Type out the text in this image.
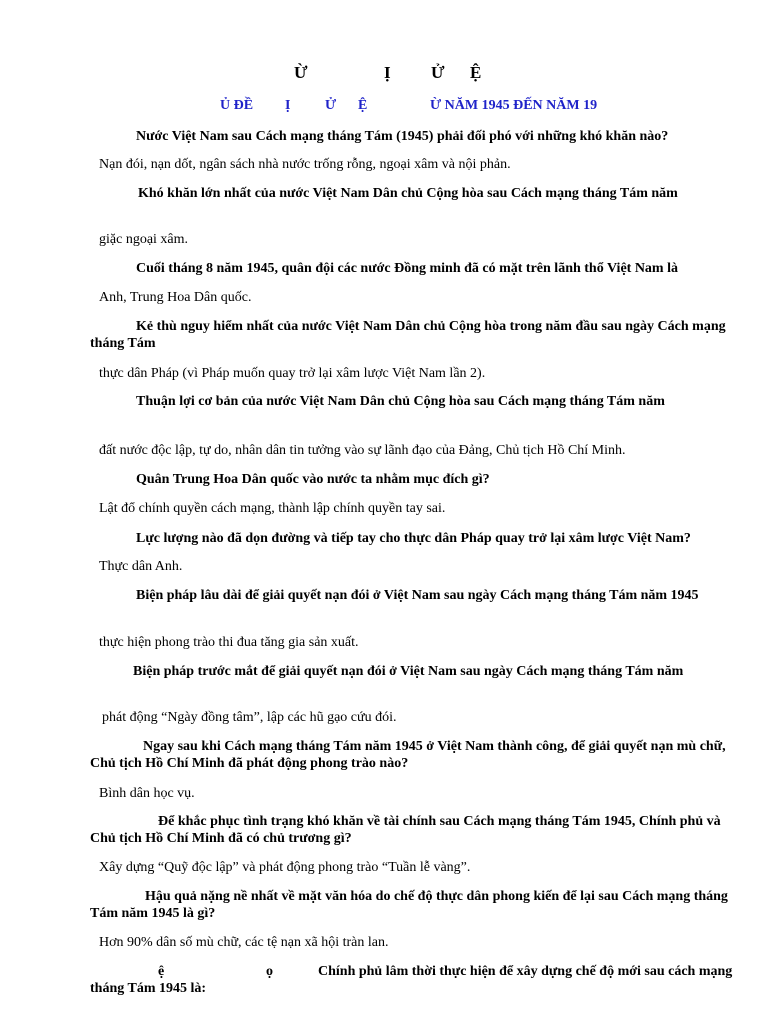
Ừ	Ị Ử Ệ
Ủ ĐỀ Ị Ử Ệ	Ừ NĂM 1945 ĐẾN NĂM 19
Nước Việt Nam sau Cách mạng tháng Tám (1945) phải đối phó với những khó khăn nào?
Nạn đói, nạn dốt, ngân sách nhà nước trống rỗng, ngoại xâm và nội phản.
Khó khăn lớn nhất của nước Việt Nam Dân chủ Cộng hòa sau Cách mạng tháng Tám năm
giặc ngoại xâm.
Cuối tháng 8 năm 1945, quân đội các nước Đồng minh đã có mặt trên lãnh thổ Việt Nam là
Anh, Trung Hoa Dân quốc.
Kẻ thù nguy hiểm nhất của nước Việt Nam Dân chủ Cộng hòa trong năm đầu sau ngày Cách mạng tháng Tám
thực dân Pháp (vì Pháp muốn quay trở lại xâm lược Việt Nam lần 2).
Thuận lợi cơ bản của nước Việt Nam Dân chủ Cộng hòa sau Cách mạng tháng Tám năm
đất nước độc lập, tự do, nhân dân tin tưởng vào sự lãnh đạo của Đảng, Chủ tịch Hồ Chí Minh.
Quân Trung Hoa Dân quốc vào nước ta nhằm mục đích gì?
Lật đổ chính quyền cách mạng, thành lập chính quyền tay sai.
Lực lượng nào đã dọn đường và tiếp tay cho thực dân Pháp quay trở lại xâm lược Việt Nam?
Thực dân Anh.
Biện pháp lâu dài để giải quyết nạn đói ở Việt Nam sau ngày Cách mạng tháng Tám năm 1945
thực hiện phong trào thi đua tăng gia sản xuất.
Biện pháp trước mắt để giải quyết nạn đói ở Việt Nam sau ngày Cách mạng tháng Tám năm
phát động “Ngày đồng tâm”, lập các hũ gạo cứu đói.
Ngay sau khi Cách mạng tháng Tám năm 1945 ở Việt Nam thành công, để giải quyết nạn mù chữ, Chủ tịch Hồ Chí Minh đã phát động phong trào nào?
Bình dân học vụ.
Để khắc phục tình trạng khó khăn về tài chính sau Cách mạng tháng Tám 1945, Chính phủ và Chủ tịch Hồ Chí Minh đã có chủ trương gì?
Xây dựng “Quỹ độc lập” và phát động phong trào “Tuần lễ vàng”.
Hậu quả nặng nề nhất về mặt văn hóa do chế độ thực dân phong kiến để lại sau Cách mạng tháng Tám năm 1945 là gì?
Hơn 90% dân số mù chữ, các tệ nạn xã hội tràn lan.
ệ	ọ	Chính phủ lâm thời thực hiện để xây dựng chế độ mới sau cách mạng tháng Tám 1945 là:
